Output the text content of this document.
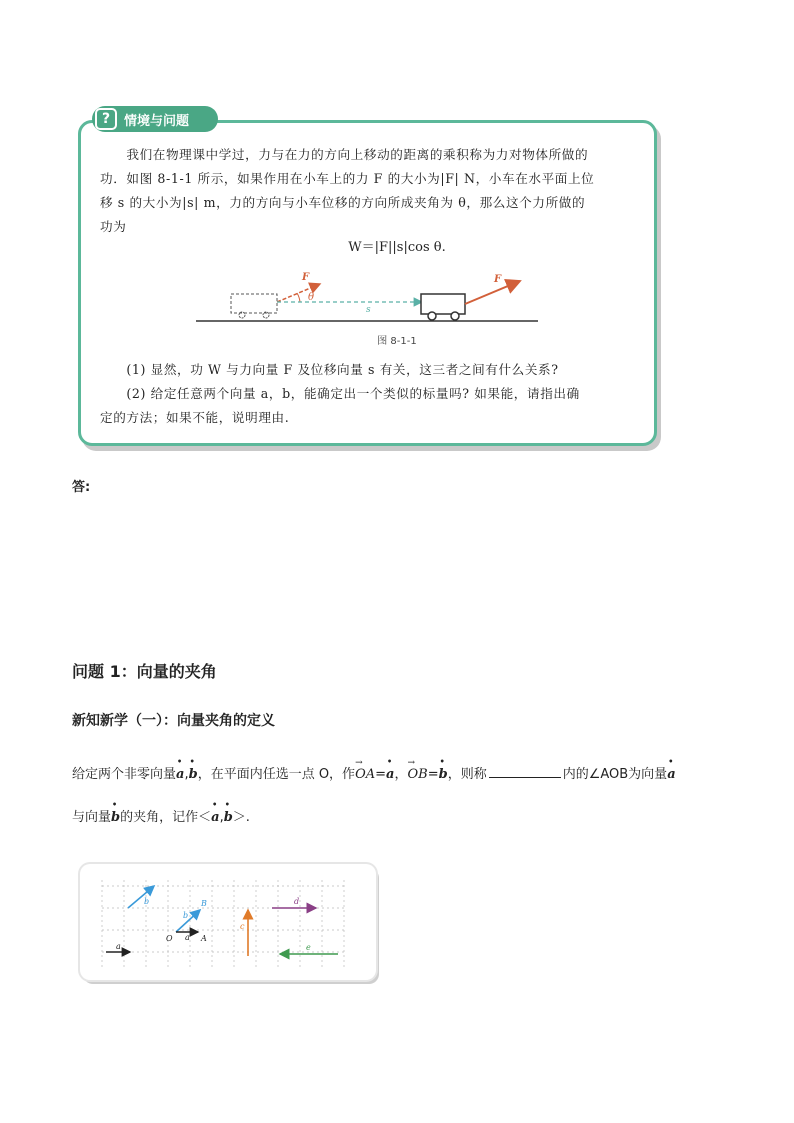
?	情境与问题
　　我们在物理课中学过，力与在力的方向上移动的距离的乘积称为力对物体所做的
功．如图 8-1-1 所示，如果作用在小车上的力 F 的大小为|F| N，小车在水平面上位
移 s 的大小为|s| m，力的方向与小车位移的方向所成夹角为 θ，那么这个力所做的
功为
W＝|F||s|cos θ.
F
θ
s
F
图 8-1-1
　　(1) 显然，功 W 与力向量 F 及位移向量 s 有关，这三者之间有什么关系?
　　(2) 给定任意两个向量 a，b，能确定出一个类似的标量吗? 如果能，请指出确
定的方法；如果不能，说明理由.
答:
问题 1：向量的夹角
新知新学（一）：向量夹角的定义
给定两个非零向量• a,• b，在平面内任选一点 O，作
→
OA=• a，
→
OB=• b，则称	内的∠AOB为向量• a
与向量• b的夹角，记作＜• a,• b＞.
b	B
b
O a A
c
d
a	e
